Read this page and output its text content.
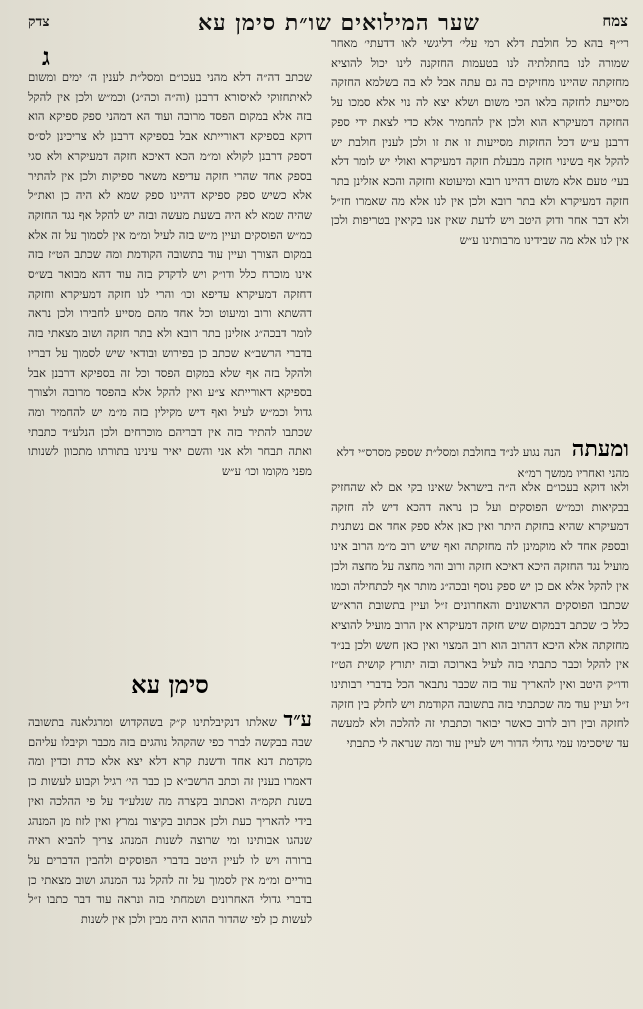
צמח
שער המילואים שו״ת סימן עא
צדק
ג	רי״ף בהא כל חולבת דלא רמי עלי׳ דליגשי לאו דדעתי׳ מאחר שמורה לנו בחתלתיה לנו בטעמות החזקנה לינו יכול להוציא מחזקתה שהיינו מחזיקים בה גם עתה אבל לא בה בשלמא החזקה מסייעת לחזקה בלאו הכי משום ושלא יצא לה נוי אלא סמכו על החזקה דמעיקרא הוא ולכן אין להחמיר אלא כדי לצאת ידי ספק דרבנן ע״ש דכל החזקות מסייעות זו את זו ולכן לענין חולבת יש להקל אף בשינוי חזקה מבעלת חזקה דמעיקרא ואולי יש לומר דלא בעי׳ טעם אלא משום דהיינו רובא ומיעוטא וחזקה והכא אזלינן בתר חזקה דמעיקרא ולא בתר רובא ולכן אין לנו אלא מה שאמרו חז״ל ולא דבר אחר ודוק היטב ויש לדעת שאין אנו בקיאין בטריפות ולכן אין לנו אלא מה שבידינו מרבותינו ע״ש

שכתב דה״ה דלא מהני בעכו״ם ומסל״ת לענין ה׳ ימים ומשום לאיתחזוקי לאיסורא דרבנן (וה״ה וכה״ג) וכמ״ש ולכן אין להקל בזה אלא במקום הפסד מרובה ועוד הא דמהני ספק ספיקא הוא דוקא בספיקא דאורייתא אבל בספיקא דרבנן לא צריכינן לס״ס דספק דרבנן לקולא ומ״מ הכא דאיכא חזקה דמעיקרא ולא סגי בספק אחד שהרי חזקה עדיפא משאר ספיקות ולכן אין להתיר אלא כשיש ספק ספיקא דהיינו ספק שמא לא היה כן ואת״ל שהיה שמא לא היה בשעת מעשה ובזה יש להקל אף נגד החזקה כמ״ש הפוסקים ועיין מ״ש בזה לעיל ומ״מ אין לסמוך על זה אלא במקום הצורך ועיין עוד בתשובה הקודמת ומה שכתב הט״ז בזה אינו מוכרח כלל ודו״ק ויש לדקדק בזה עוד דהא מבואר בש״ס דחזקה דמעיקרא עדיפא וכו׳ והרי לנו חזקה דמעיקרא וחזקה דהשתא ורוב ומיעוט וכל אחד מהם מסייע לחבירו ולכן נראה לומר דבכה״ג אזלינן בתר רובא ולא בתר חזקה ושוב מצאתי בזה בדברי הרשב״א שכתב כן בפירוש ובודאי שיש לסמוך על דבריו ולהקל בזה אף שלא במקום הפסד וכל זה בספיקא דרבנן אבל בספיקא דאורייתא צ״ע ואין להקל אלא בהפסד מרובה ולצורך גדול וכמ״ש לעיל ואף דיש מקילין בזה מ״מ יש להחמיר ומה שכתבו להתיר בזה אין דבריהם מוכרחים ולכן הנלע״ד כתבתי ואתה תבחר ולא אני והשם יאיר עינינו בתורתו מתכוון לשנותו מפני מקומו וכו׳ ע״ש

ומעתה הנה נגוע לנ״ד בחולבת ומסל״ת שספק מסרס״י דלא מהני ואחריו ממשך רמ״א

ולאו דוקא בעכו״ם אלא ה״ה בישראל שאינו בקי אם לא שהחזיק בבקיאות וכמ״ש הפוסקים ועל כן נראה דהכא דיש לה חזקה דמעיקרא שהיא בחזקת היתר ואין כאן אלא ספק אחד אם נשתנית ובספק אחד לא מוקמינן לה מחזקתה ואף שיש רוב מ״מ הרוב אינו מועיל נגד החזקה היכא דאיכא חזקה ורוב והוי מחצה על מחצה ולכן אין להקל אלא אם כן יש ספק נוסף ובכה״ג מותר אף לכתחילה וכמו שכתבו הפוסקים הראשונים והאחרונים ז״ל ועיין בתשובת הרא״ש כלל כ׳ שכתב דבמקום שיש חזקה דמעיקרא אין הרוב מועיל להוציא מחזקתה אלא היכא דהרוב הוא רוב המצוי ואין כאן חשש ולכן בנ״ד אין להקל וכבר כתבתי בזה לעיל בארוכה ובזה יתורץ קושית הט״ז ודו״ק היטב ואין להאריך עוד בזה שכבר נתבאר הכל בדברי רבותינו ז״ל ועיין עוד מה שכתבתי בזה בתשובה הקודמת ויש לחלק בין חזקה לחזקה ובין רוב לרוב כאשר יבואר וכתבתי זה להלכה ולא למעשה עד שיסכימו עמי גדולי הדור ויש לעיין עוד ומה שנראה לי כתבתי

סימן עא

ע״ד שאלתו דנקיבלתינו ק״ק בשהקדוש ומרגלאנה בתשובה שבה בבקשה לברר כפי שהקהל נוהגים בזה מכבר וקיבלו עליהם מקדמת דנא אחד ודשנת קרא דלא יצא אלא כדת וכדין ומה דאמרו בענין זה וכתב הרשב״א כן כבר הי׳ רגיל וקבוע לעשות כן בשנת תקמ״ה ואכתוב בקצרה מה שנלע״ד על פי ההלכה ואין בידי להאריך כעת ולכן אכתוב בקיצור נמרץ ואין לזוז מן המנהג שנהגו אבותינו ומי שרוצה לשנות המנהג צריך להביא ראיה ברורה ויש לו לעיין היטב בדברי הפוסקים ולהבין הדברים על בוריים ומ״מ אין לסמוך על זה להקל נגד המנהג ושוב מצאתי כן בדברי גדולי האחרונים ושמחתי בזה ונראה עוד דבר כתבו ז״ל לעשות כן לפי שהדור ההוא היה מבין ולכן אין לשנות
